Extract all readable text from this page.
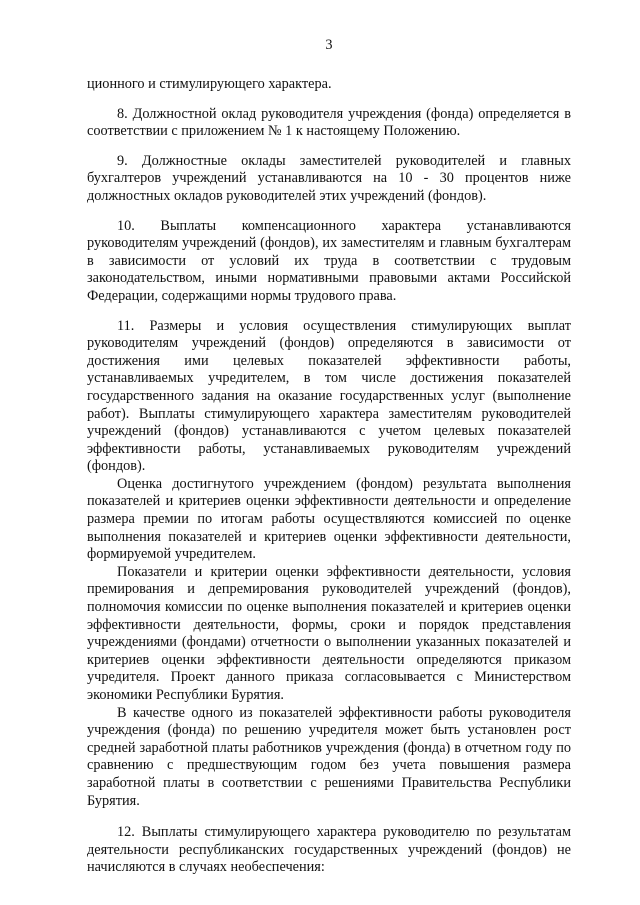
3

ционного и стимулирующего характера.

8. Должностной оклад руководителя учреждения (фонда) определяется в соответствии с приложением № 1 к настоящему Положению.

9. Должностные оклады заместителей руководителей и главных бухгалтеров учреждений устанавливаются на 10 - 30 процентов ниже должностных окладов руководителей этих учреждений (фондов).

10. Выплаты компенсационного характера устанавливаются руководителям учреждений (фондов), их заместителям и главным бухгалтерам в зависимости от условий их труда в соответствии с трудовым законодательством, иными нормативными правовыми актами Российской Федерации, содержащими нормы трудового права.

11. Размеры и условия осуществления стимулирующих выплат руководителям учреждений (фондов) определяются в зависимости от достижения ими целевых показателей эффективности работы, устанавливаемых учредителем, в том числе достижения показателей государственного задания на оказание государственных услуг (выполнение работ). Выплаты стимулирующего характера заместителям руководителей учреждений (фондов) устанавливаются с учетом целевых показателей эффективности работы, устанавливаемых руководителям учреждений (фондов).

Оценка достигнутого учреждением (фондом) результата выполнения показателей и критериев оценки эффективности деятельности и определение размера премии по итогам работы осуществляются комиссией по оценке выполнения показателей и критериев оценки эффективности деятельности, формируемой учредителем.

Показатели и критерии оценки эффективности деятельности, условия премирования и депремирования руководителей учреждений (фондов), полномочия комиссии по оценке выполнения показателей и критериев оценки эффективности деятельности, формы, сроки и порядок представления учреждениями (фондами) отчетности о выполнении указанных показателей и критериев оценки эффективности деятельности определяются приказом учредителя. Проект данного приказа согласовывается с Министерством экономики Республики Бурятия.

В качестве одного из показателей эффективности работы руководителя учреждения (фонда) по решению учредителя может быть установлен рост средней заработной платы работников учреждения (фонда) в отчетном году по сравнению с предшествующим годом без учета повышения размера заработной платы в соответствии с решениями Правительства Республики Бурятия.

12. Выплаты стимулирующего характера руководителю по результатам деятельности республиканских государственных учреждений (фондов) не начисляются в случаях необеспечения:
